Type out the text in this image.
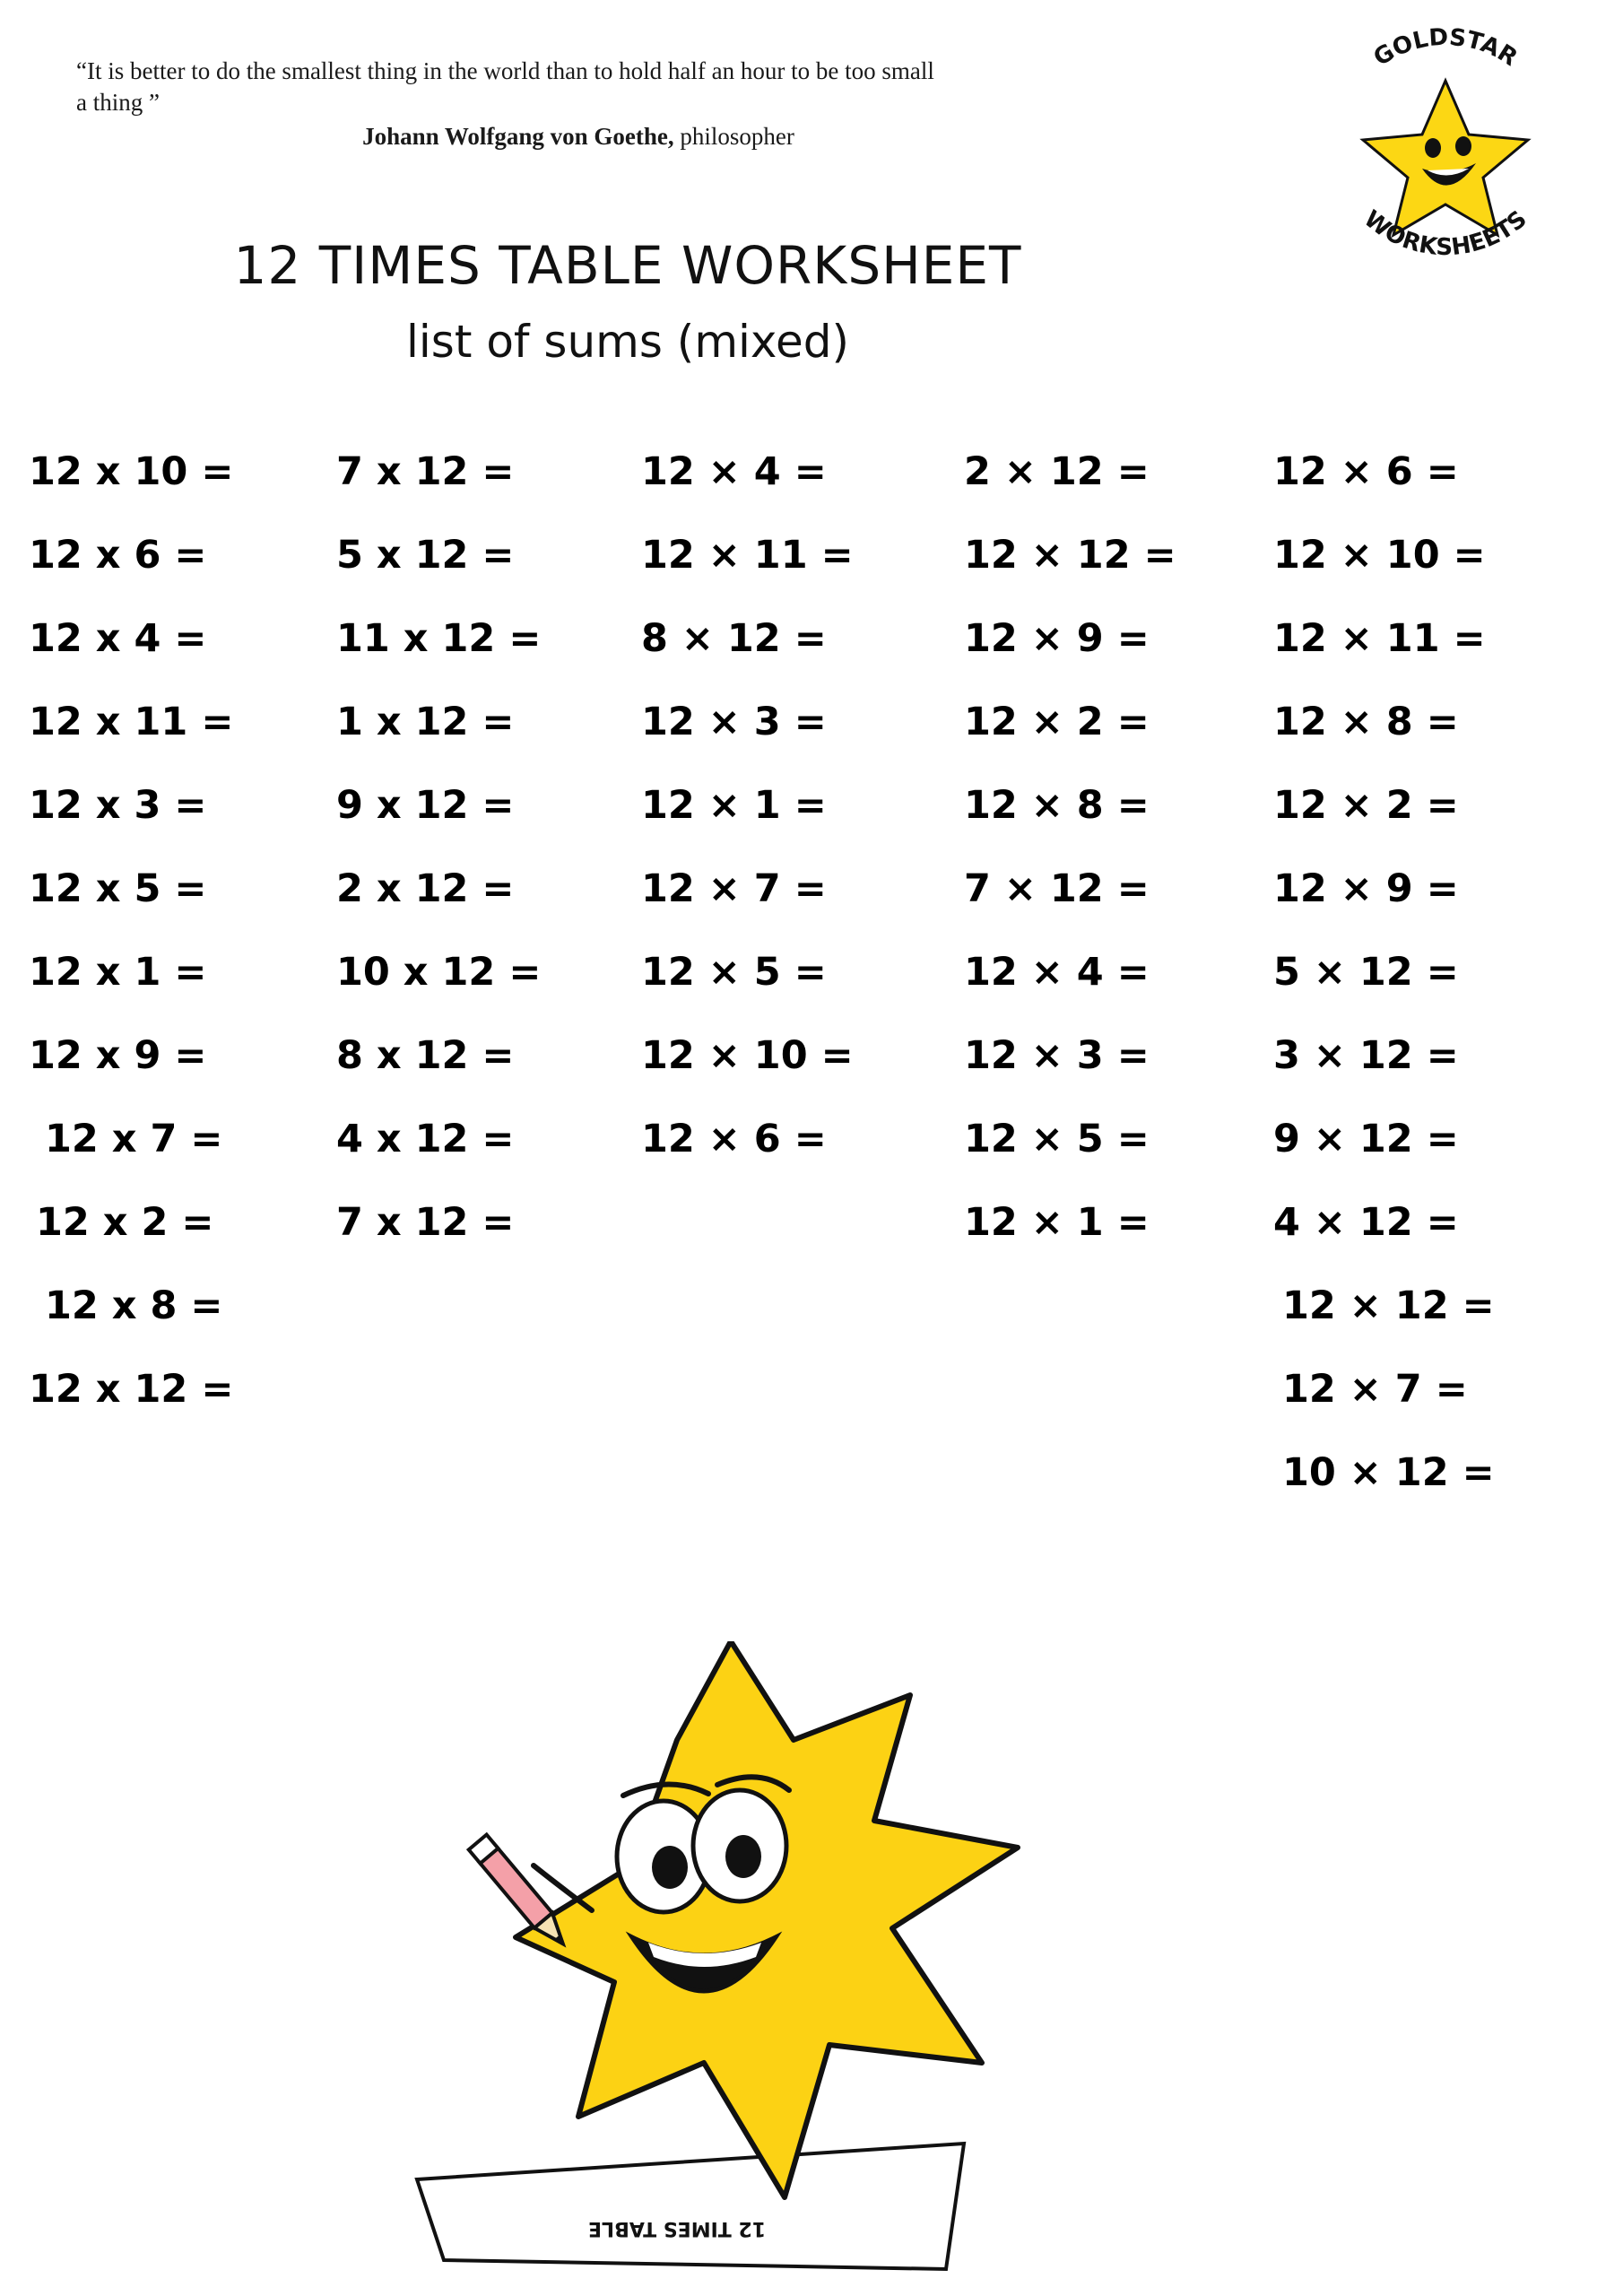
“It is better to do the smallest thing in the world than to hold half an hour to be too small a thing ”

Johann Wolfgang von Goethe, philosopher

GOLDSTAR
WORKSHEETS
12 TIMES TABLE WORKSHEET
list of sums (mixed)
12 x 10 =
12 x 6 =
12 x 4 =
12 x 11 =
12 x 3 =
12 x 5 =
12 x 1 =
12 x 9 =
12 x 7 =
12 x 2 =
12 x 8 =
12 x 12 =
7 x 12 =
5 x 12 =
11 x 12 =
1 x 12 =
9 x 12 =
2 x 12 =
10 x 12 =
8 x 12 =
4 x 12 =
7 x 12 =
12 × 4 =
12 × 11 =
8 × 12 =
12 × 3 =
12 × 1 =
12 × 7 =
12 × 5 =
12 × 10 =
12 × 6 =
2 × 12 =
12 × 12 =
12 × 9 =
12 × 2 =
12 × 8 =
7 × 12 =
12 × 4 =
12 × 3 =
12 × 5 =
12 × 1 =
12 × 6 =
12 × 10 =
12 × 11 =
12 × 8 =
12 × 2 =
12 × 9 =
5 × 12 =
3 × 12 =
9 × 12 =
4 × 12 =
12 × 12 =
12 × 7 =
10 × 12 =
12 TIMES TABLE
